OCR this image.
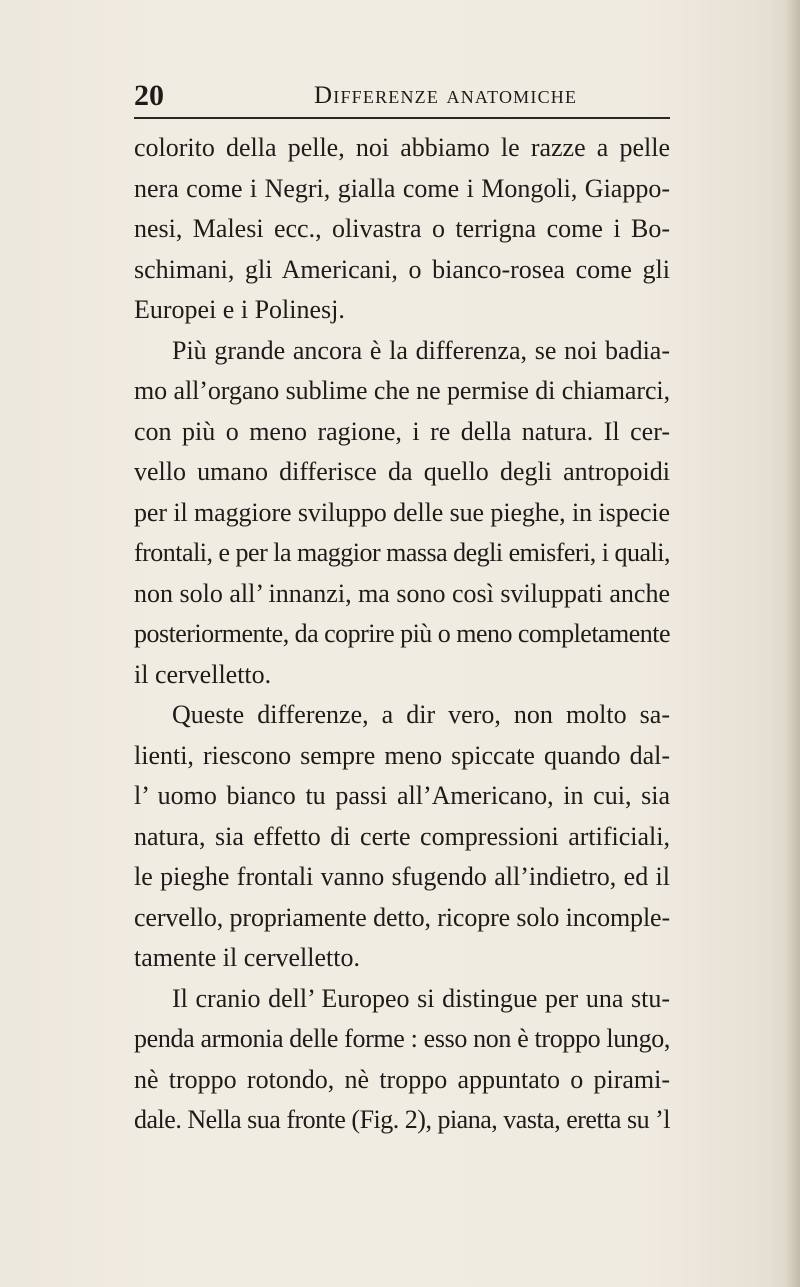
20	Differenze anatomiche
colorito della pelle, noi abbiamo le razze a pelle
nera come i Negri, gialla come i Mongoli, Giappo-
nesi, Malesi ecc., olivastra o terrigna come i Bo-
schimani, gli Americani, o bianco-rosea come gli
Europei e i Polinesj.
Più grande ancora è la differenza, se noi badia-
mo all’organo sublime che ne permise di chiamarci,
con più o meno ragione, i re della natura. Il cer-
vello umano differisce da quello degli antropoidi
per il maggiore sviluppo delle sue pieghe, in ispecie
frontali, e per la maggior massa degli emisferi, i quali,
non solo all’ innanzi, ma sono così sviluppati anche
posteriormente, da coprire più o meno completamente
il cervelletto.
Queste differenze, a dir vero, non molto sa-
lienti, riescono sempre meno spiccate quando dal-
l’ uomo bianco tu passi all’Americano, in cui, sia
natura, sia effetto di certe compressioni artificiali,
le pieghe frontali vanno sfugendo all’indietro, ed il
cervello, propriamente detto, ricopre solo incomple-
tamente il cervelletto.
Il cranio dell’ Europeo si distingue per una stu-
penda armonia delle forme : esso non è troppo lungo,
nè troppo rotondo, nè troppo appuntato o pirami-
dale. Nella sua fronte (Fig. 2), piana, vasta, eretta su ’l
